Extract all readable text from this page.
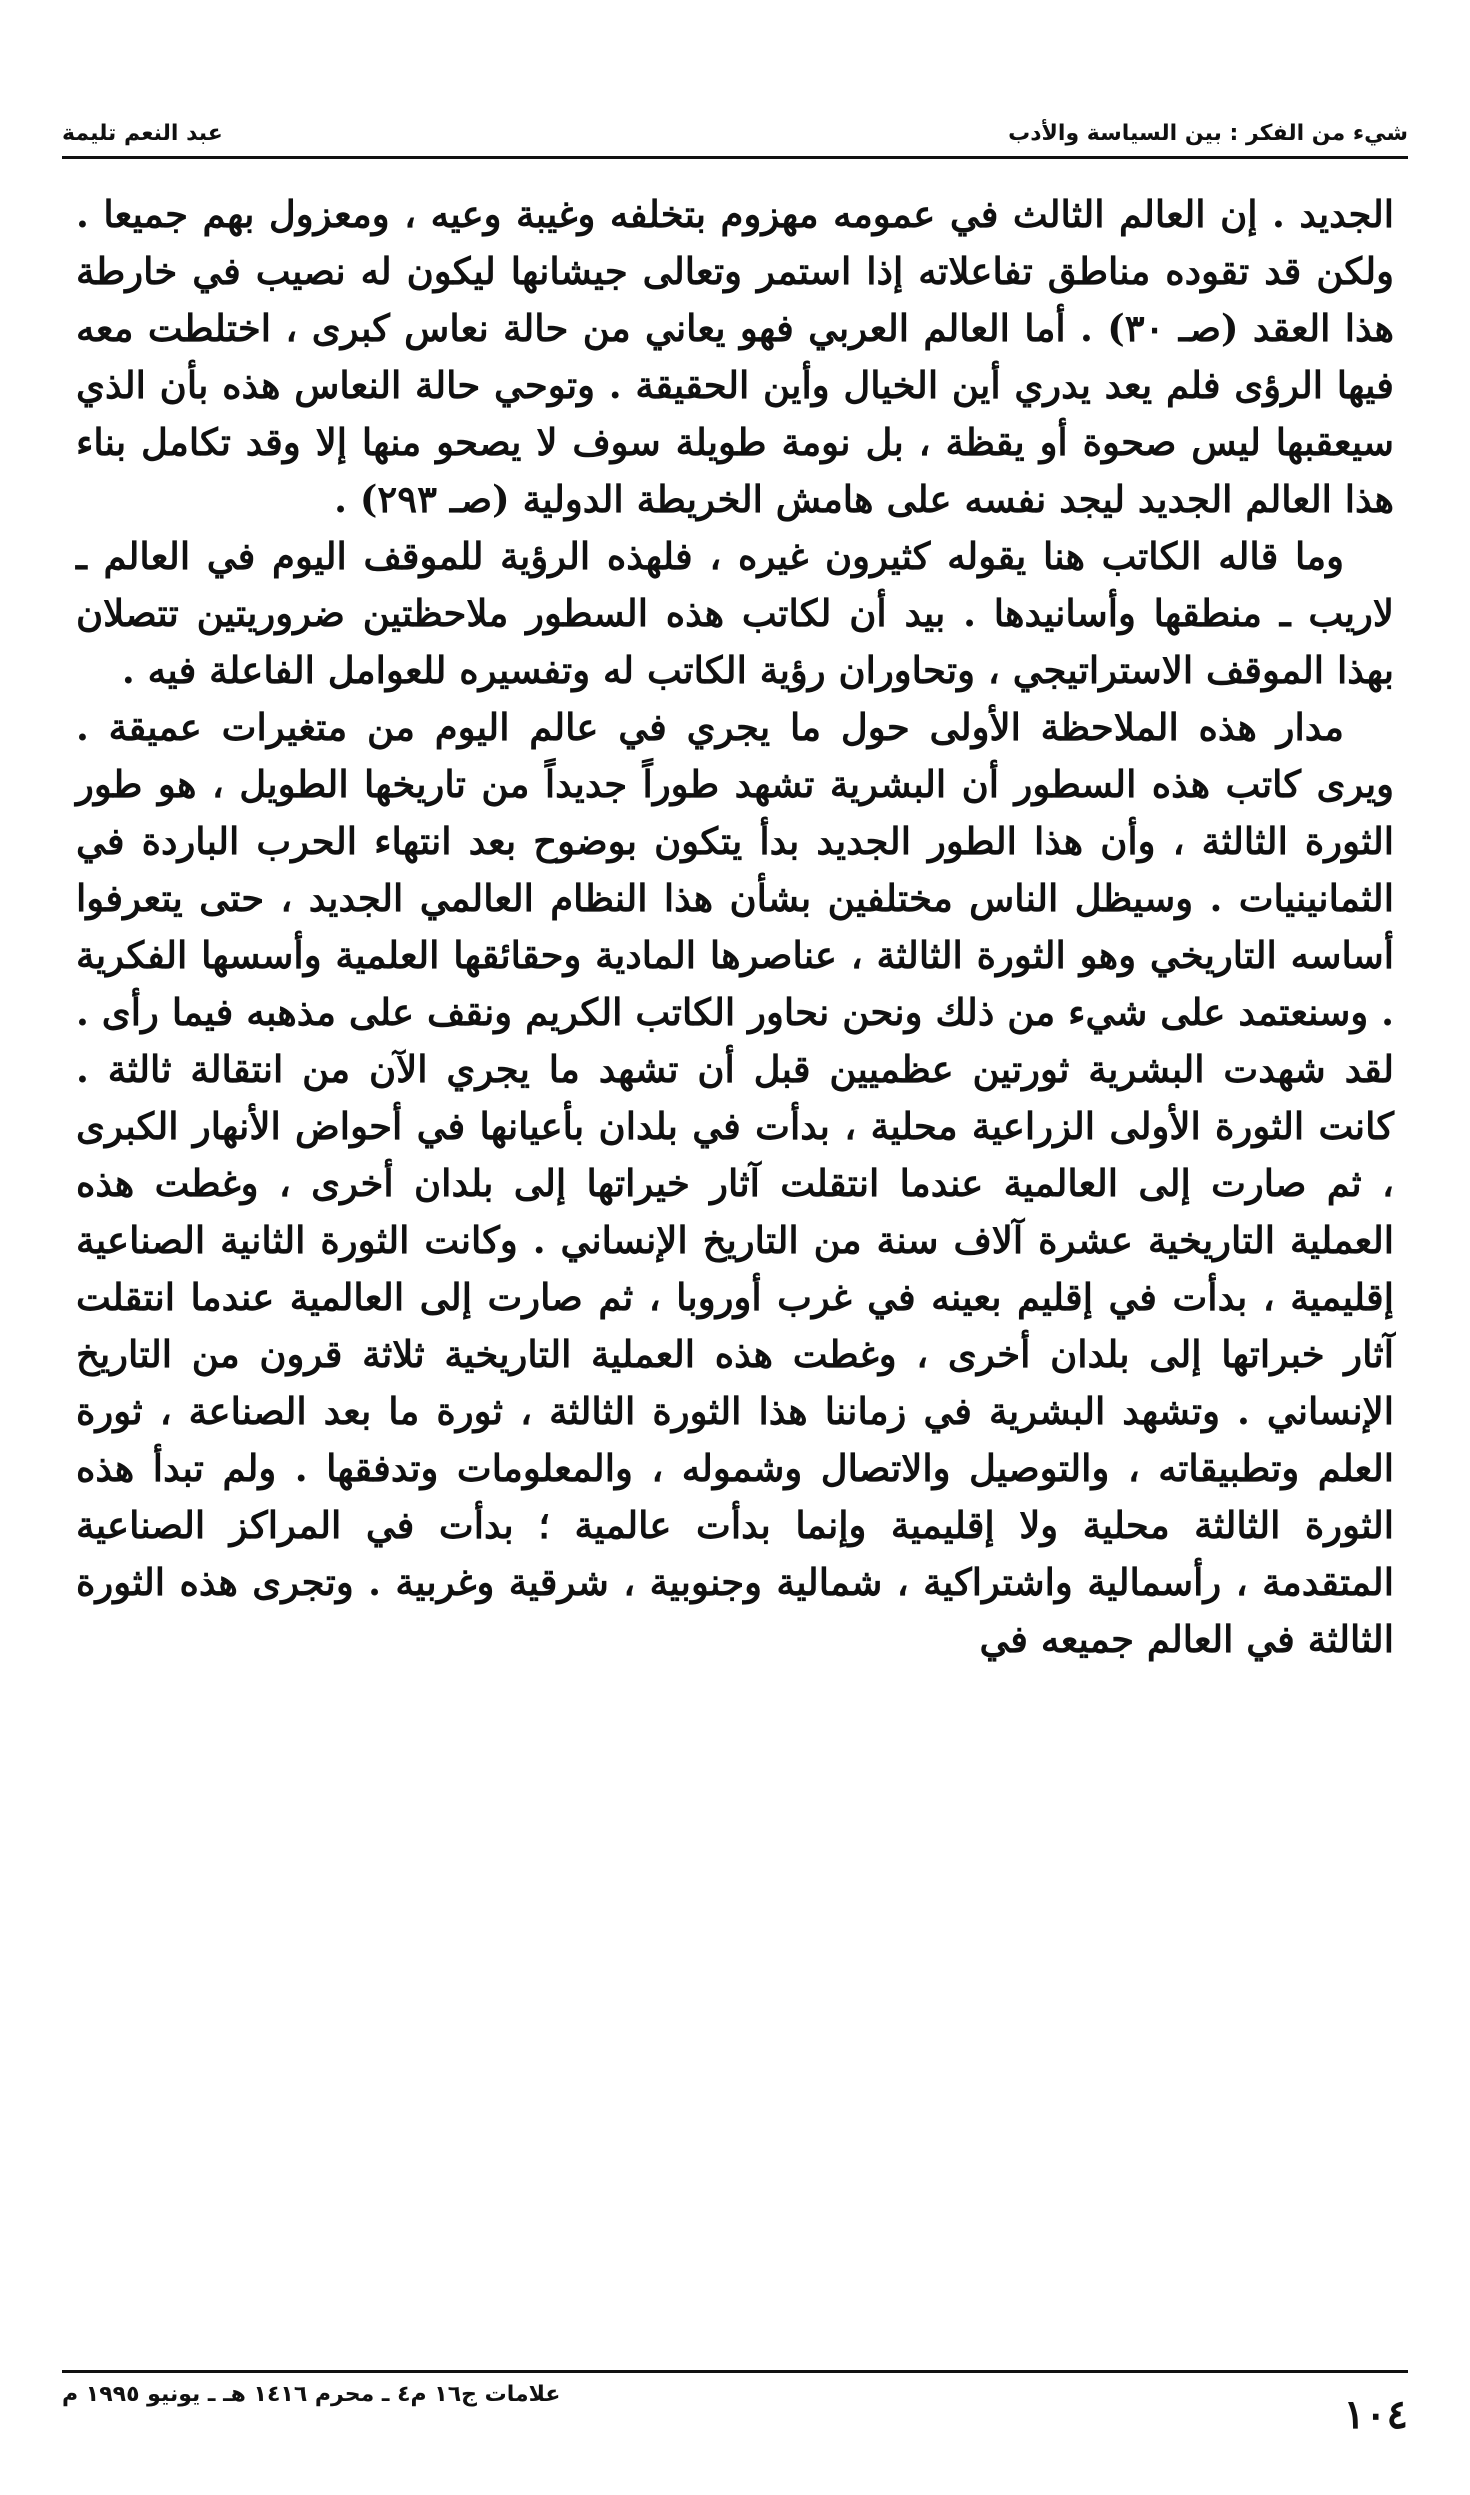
شيء من الفكر : بين السياسة والأدب
عبد النعم تليمة

الجديد . إن العالم الثالث في عمومه مهزوم بتخلفه وغيبة وعيه ، ومعزول بهم جميعا . ولكن قد تقوده مناطق تفاعلاته إذا استمر وتعالى جيشانها ليكون له نصيب في خارطة هذا العقد (صـ ٣٠) . أما العالم العربي فهو يعاني من حالة نعاس كبرى ، اختلطت معه فيها الرؤى فلم يعد يدري أين الخيال وأين الحقيقة . وتوحي حالة النعاس هذه بأن الذي سيعقبها ليس صحوة أو يقظة ، بل نومة طويلة سوف لا يصحو منها إلا وقد تكامل بناء هذا العالم الجديد ليجد نفسه على هامش الخريطة الدولية (صـ ٢٩٣) .

وما قاله الكاتب هنا يقوله كثيرون غيره ، فلهذه الرؤية للموقف اليوم في العالم ـ لاريب ـ منطقها وأسانيدها . بيد أن لكاتب هذه السطور ملاحظتين ضروريتين تتصلان بهذا الموقف الاستراتيجي ، وتحاوران رؤية الكاتب له وتفسيره للعوامل الفاعلة فيه .

مدار هذه الملاحظة الأولى حول ما يجري في عالم اليوم من متغيرات عميقة . ويرى كاتب هذه السطور أن البشرية تشهد طوراً جديداً من تاريخها الطويل ، هو طور الثورة الثالثة ، وأن هذا الطور الجديد بدأ يتكون بوضوح بعد انتهاء الحرب الباردة في الثمانينيات . وسيظل الناس مختلفين بشأن هذا النظام العالمي الجديد ، حتى يتعرفوا أساسه التاريخي وهو الثورة الثالثة ، عناصرها المادية وحقائقها العلمية وأسسها الفكرية . وسنعتمد على شيء من ذلك ونحن نحاور الكاتب الكريم ونقف على مذهبه فيما رأى . لقد شهدت البشرية ثورتين عظميين قبل أن تشهد ما يجري الآن من انتقالة ثالثة . كانت الثورة الأولى الزراعية محلية ، بدأت في بلدان بأعيانها في أحواض الأنهار الكبرى ، ثم صارت إلى العالمية عندما انتقلت آثار خيراتها إلى بلدان أخرى ، وغطت هذه العملية التاريخية عشرة آلاف سنة من التاريخ الإنساني . وكانت الثورة الثانية الصناعية إقليمية ، بدأت في إقليم بعينه في غرب أوروبا ، ثم صارت إلى العالمية عندما انتقلت آثار خبراتها إلى بلدان أخرى ، وغطت هذه العملية التاريخية ثلاثة قرون من التاريخ الإنساني . وتشهد البشرية في زماننا هذا الثورة الثالثة ، ثورة ما بعد الصناعة ، ثورة العلم وتطبيقاته ، والتوصيل والاتصال وشموله ، والمعلومات وتدفقها . ولم تبدأ هذه الثورة الثالثة محلية ولا إقليمية وإنما بدأت عالمية ؛ بدأت في المراكز الصناعية المتقدمة ، رأسمالية واشتراكية ، شمالية وجنوبية ، شرقية وغربية . وتجرى هذه الثورة الثالثة في العالم جميعه في

١٠٤
علامات ج١٦ م٤ ـ محرم ١٤١٦ هـ ـ يونيو ١٩٩٥ م
